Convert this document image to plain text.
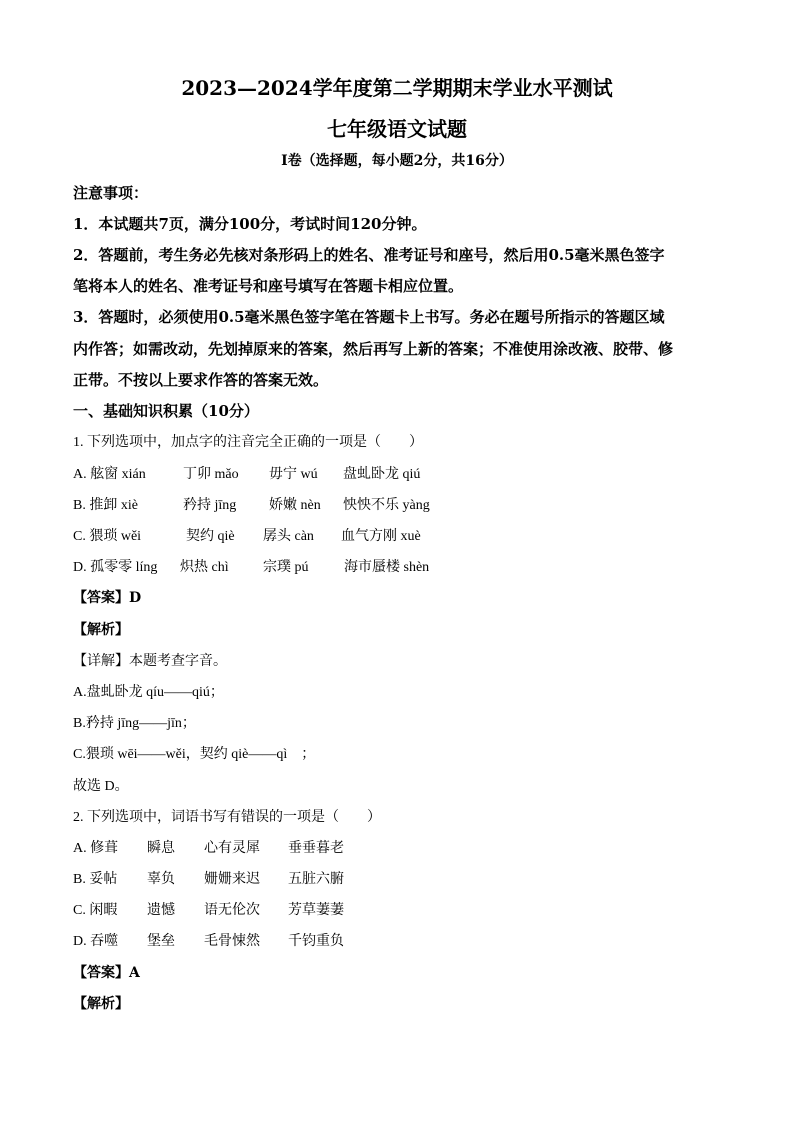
2023—2024学年度第二学期期末学业水平测试
七年级语文试题
Ⅰ卷（选择题，每小题2分，共16分）
注意事项：
1．本试题共7页，满分100分，考试时间120分钟。
2．答题前，考生务必先核对条形码上的姓名、准考证号和座号，然后用0.5毫米黑色签字
笔将本人的姓名、准考证号和座号填写在答题卡相应位置。
3．答题时，必须使用0.5毫米黑色签字笔在答题卡上书写。务必在题号所指示的答题区域
内作答；如需改动，先划掉原来的答案，然后再写上新的答案；不准使用涂改液、胶带、修
正带。不按以上要求作答的答案无效。
一、基础知识积累（10分）
1. 下列选项中，加点字的注音完全正确的一项是（　　）
A. 舷窗 xián	丁卯 mǎo 毋宁 wú 盘虬卧龙 qiú
B. 推卸 xiè	矜持 jīng 娇嫩 nèn 怏怏不乐 yàng
C. 猥琐 wěi	契约 qiè 孱头 càn 血气方刚 xuè
D. 孤零零 líng 炽热 chì 宗璞 pú	海市蜃楼 shèn
【答案】D
【解析】
【详解】本题考查字音。
A.盘虬卧龙 qíu——qiú；
B.矜持 jīng——jīn；
C.猥琐 wēi——wěi，契约 qiè——qì　；
故选 D。
2. 下列选项中，词语书写有错误的一项是（　　）
A. 修葺 瞬息 心有灵犀 垂垂暮老
B. 妥帖 辜负 姗姗来迟 五脏六腑
C. 闲暇 遗憾 语无伦次 芳草萋萋
D. 吞噬 堡垒 毛骨悚然 千钧重负
【答案】A
【解析】
